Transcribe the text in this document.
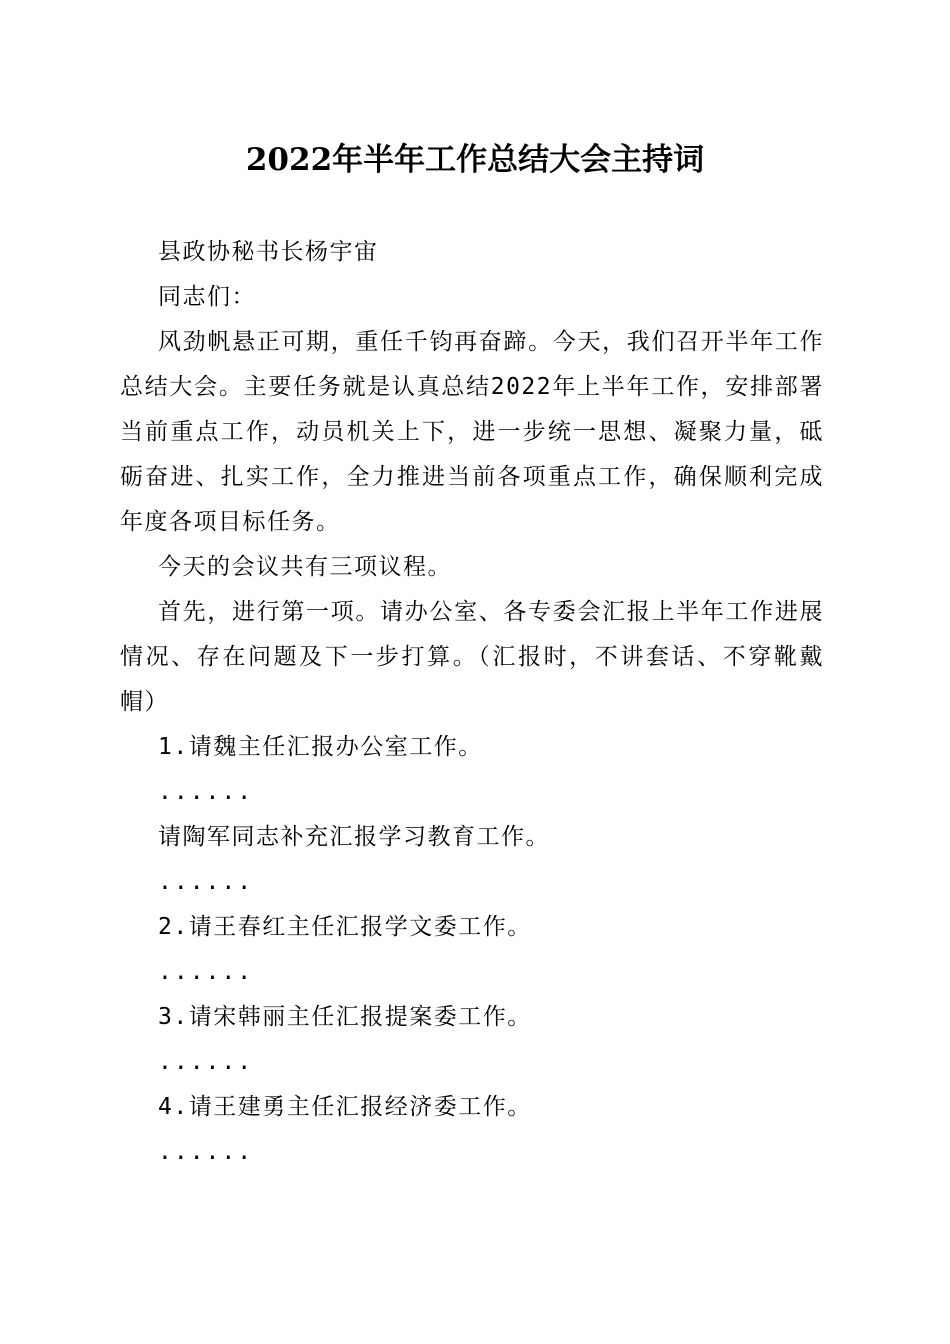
2022年半年工作总结大会主持词

县政协秘书长杨宇宙

同志们：

风劲帆悬正可期，重任千钧再奋蹄。今天，我们召开半年工作总结大会。主要任务就是认真总结2022年上半年工作，安排部署当前重点工作，动员机关上下，进一步统一思想、凝聚力量，砥砺奋进、扎实工作，全力推进当前各项重点工作，确保顺利完成年度各项目标任务。

今天的会议共有三项议程。

首先，进行第一项。请办公室、各专委会汇报上半年工作进展情况、存在问题及下一步打算。（汇报时，不讲套话、不穿靴戴帽）

1.请魏主任汇报办公室工作。

......

请陶军同志补充汇报学习教育工作。

......

2.请王春红主任汇报学文委工作。

......

3.请宋韩丽主任汇报提案委工作。

......

4.请王建勇主任汇报经济委工作。

......
